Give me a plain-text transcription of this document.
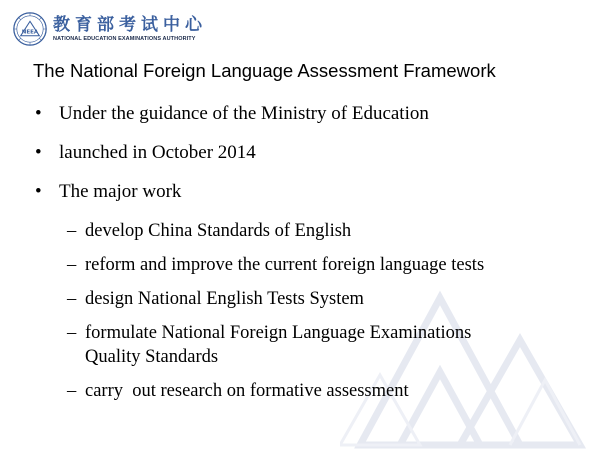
NEEA 教育部考试中心
NATIONAL EDUCATION EXAMINATIONS AUTHORITY
The National Foreign Language Assessment Framework
• Under the guidance of the Ministry of Education
• launched in October 2014
• The major work
– develop China Standards of English
– reform and improve the current foreign language tests
– design National English Tests System
– formulate National Foreign Language Examinations
Quality Standards
– carry  out research on formative assessment
